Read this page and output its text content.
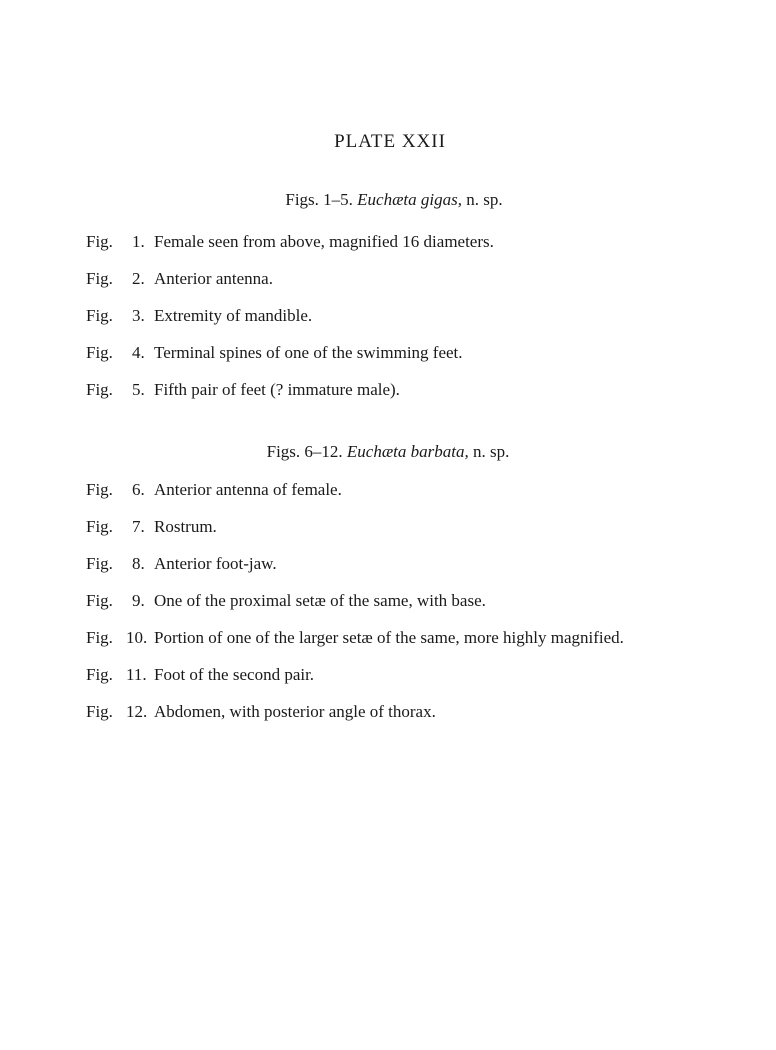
PLATE XXII
Figs. 1–5. Euchæta gigas, n. sp.
Fig.	1. Female seen from above, magnified 16 diameters.
Fig.	2. Anterior antenna.
Fig.	3. Extremity of mandible.
Fig.	4. Terminal spines of one of the swimming feet.
Fig.	5. Fifth pair of feet (? immature male).
Figs. 6–12. Euchæta barbata, n. sp.
Fig.	6. Anterior antenna of female.
Fig.	7. Rostrum.
Fig.	8. Anterior foot-jaw.
Fig.	9. One of the proximal setæ of the same, with base.
Fig. 10. Portion of one of the larger setæ of the same, more highly magnified.
Fig. 11. Foot of the second pair.
Fig. 12. Abdomen, with posterior angle of thorax.
